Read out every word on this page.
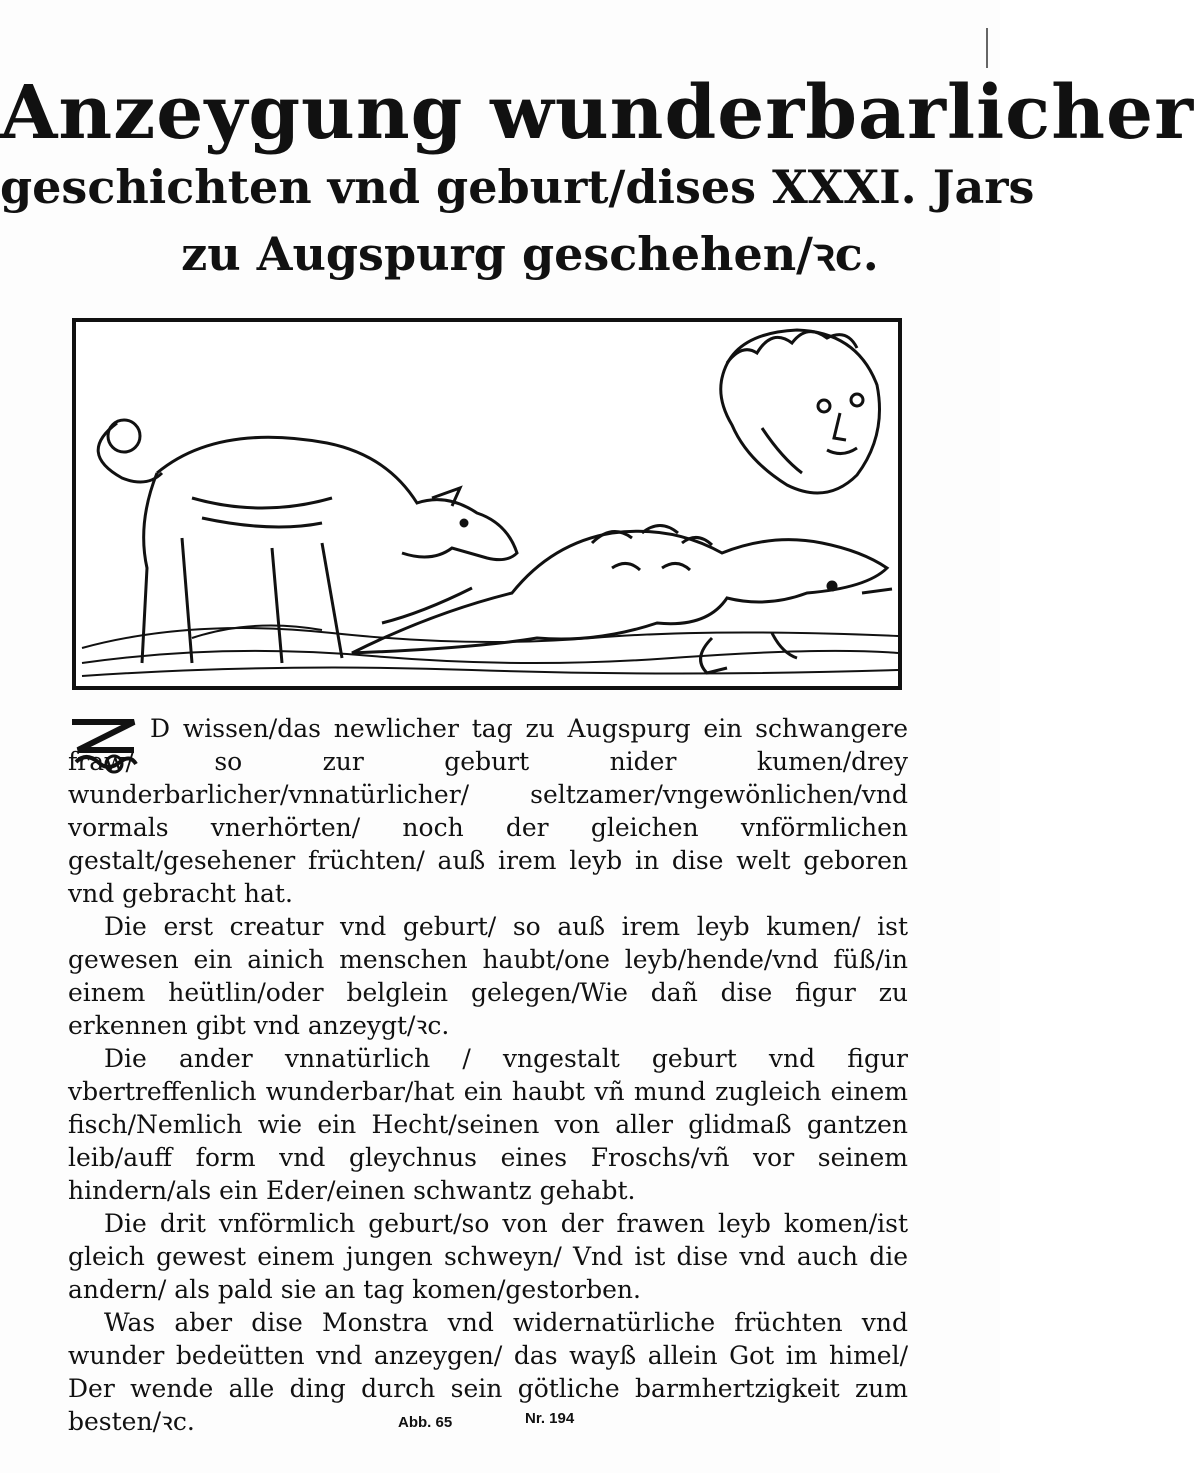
Anzeygung wunderbarlicher
geschichten vnd geburt/dises XXXI. Jars
zu Augspurg geschehen/ꝛc.

D wissen/das newlicher tag zu Augspurg ein schwangere fraw/ so zur geburt nider kumen/drey wunderbarlicher/vnnatürlicher/ seltzamer/vngewönlichen/vnd vormals vnerhörten/ noch der gleichen vnförmlichen gestalt/gesehener früchten/ auß irem leyb in dise welt geboren vnd gebracht hat.

Die erst creatur vnd geburt/ so auß irem leyb kumen/ ist gewesen ein ainich menschen haubt/one leyb/hende/vnd füß/in einem heütlin/oder belglein gelegen/Wie dañ dise figur zu erkennen gibt vnd anzeygt/ꝛc.

Die ander vnnatürlich / vngestalt geburt vnd figur vbertreffenlich wunderbar/hat ein haubt vñ mund zugleich einem fisch/Nemlich wie ein Hecht/seinen von aller glidmaß gantzen leib/auff form vnd gleychnus eines Froschs/vñ vor seinem hindern/als ein Eder/einen schwantz gehabt.

Die drit vnförmlich geburt/so von der frawen leyb komen/ist gleich gewest einem jungen schweyn/ Vnd ist dise vnd auch die andern/ als pald sie an tag komen/gestorben.

Was aber dise Monstra vnd widernatürliche früchten vnd wunder bedeütten vnd anzeygen/ das wayß allein Got im himel/ Der wende alle ding durch sein götliche barmhertzigkeit zum besten/ꝛc.	Abb. 65	Nr. 194
